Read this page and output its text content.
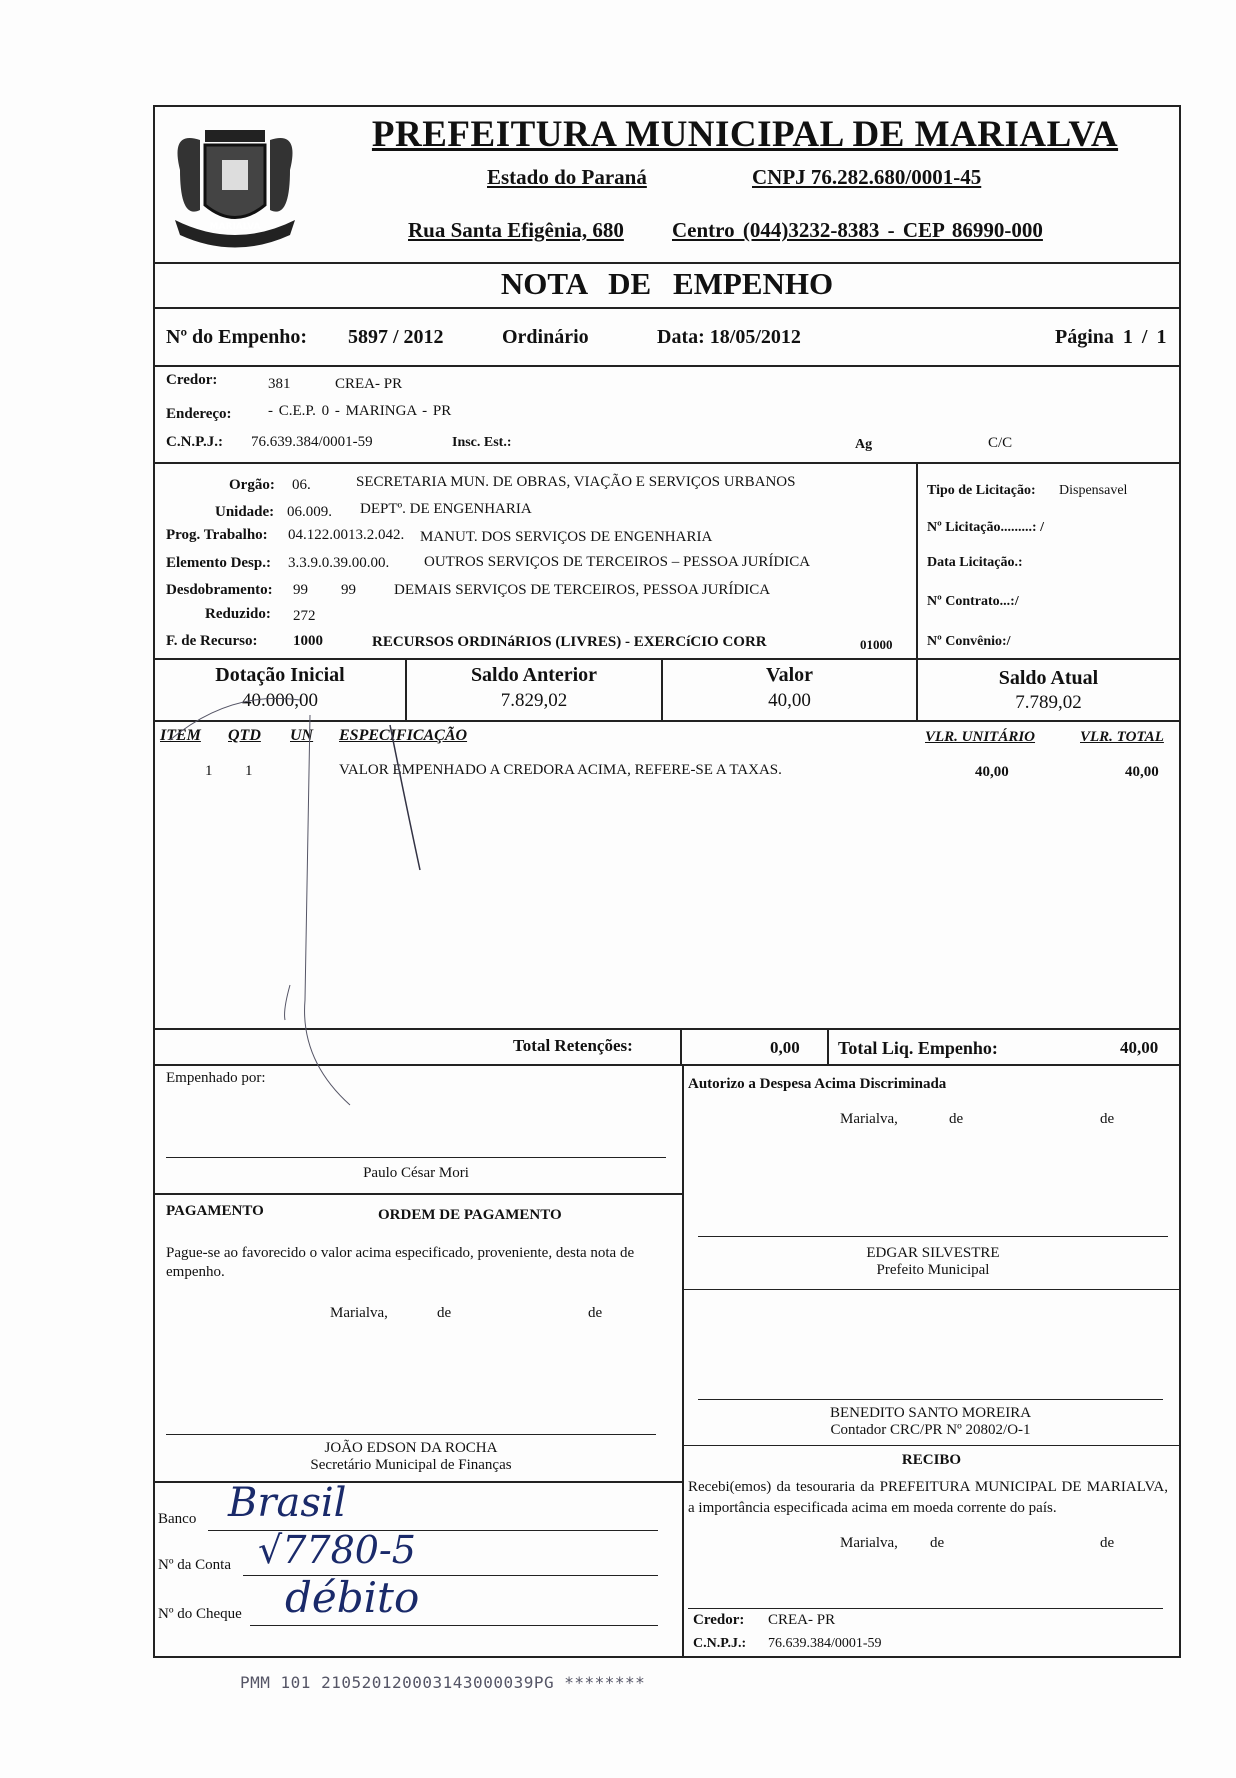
MARIALVA
PREFEITURA MUNICIPAL DE MARIALVA
Estado do Paraná	CNPJ 76.282.680/0001-45
Rua Santa Efigênia, 680 Centro (044)3232-8383 - CEP 86990-000
NOTA DE EMPENHO
Nº do Empenho: 5897 / 2012	Ordinário	Data: 18/05/2012	Página 1 / 1
Credor:	381	CREA- PR
Endereço: - C.E.P. 0 - MARINGA - PR
C.N.P.J.: 76.639.384/0001-59	Insc. Est.:	Ag	C/C
Orgão: 06.	SECRETARIA MUN. DE OBRAS, VIAÇÃO E SERVIÇOS URBANOS
Unidade: 06.009. DEPTº. DE ENGENHARIA
Prog. Trabalho: 04.122.0013.2.042. MANUT. DOS SERVIÇOS DE ENGENHARIA
Elemento Desp.: 3.3.9.0.39.00.00. OUTROS SERVIÇOS DE TERCEIROS – PESSOA JURÍDICA
Desdobramento: 99 99	DEMAIS SERVIÇOS DE TERCEIROS, PESSOA JURÍDICA
Reduzido: 272
F. de Recurso: 1000	RECURSOS ORDINáRIOS (LIVRES) - EXERCíCIO CORR	01000
Tipo de Licitação: Dispensavel
Nº Licitação.........: /
Data Licitação.:
Nº Contrato...:/
Nº Convênio:/
Dotação Inicial
40.000,00
Saldo Anterior
7.829,02
Valor
40,00
Saldo Atual
7.789,02
ITEM QTD UN ESPECIFICAÇÃO	VLR. UNITÁRIO	VLR. TOTAL
1 1	VALOR EMPENHADO A CREDORA ACIMA, REFERE-SE A TAXAS.	40,00	40,00
Total Retenções:	0,00 Total Liq. Empenho:	40,00
Empenhado por:
Paulo César Mori
Autorizo a Despesa Acima Discriminada
Marialva,	de	de
EDGAR SILVESTRE
Prefeito Municipal
BENEDITO SANTO MOREIRA
Contador CRC/PR Nº 20802/O-1
PAGAMENTO	ORDEM DE PAGAMENTO
Pague-se ao favorecido o valor acima especificado, proveniente, desta nota de empenho.
Marialva,	de	de
JOÃO EDSON DA ROCHA
Secretário Municipal de Finanças
Banco Brasil
Nº da Conta √7780-5
Nº do Cheque débito
RECIBO
Recebi(emos) da tesouraria da PREFEITURA MUNICIPAL DE MARIALVA, a importância especificada acima em moeda corrente do país.
Marialva, de	de
Credor: CREA- PR
C.N.P.J.: 76.639.384/0001-59
PMM 101 210520120003143000039PG ********
